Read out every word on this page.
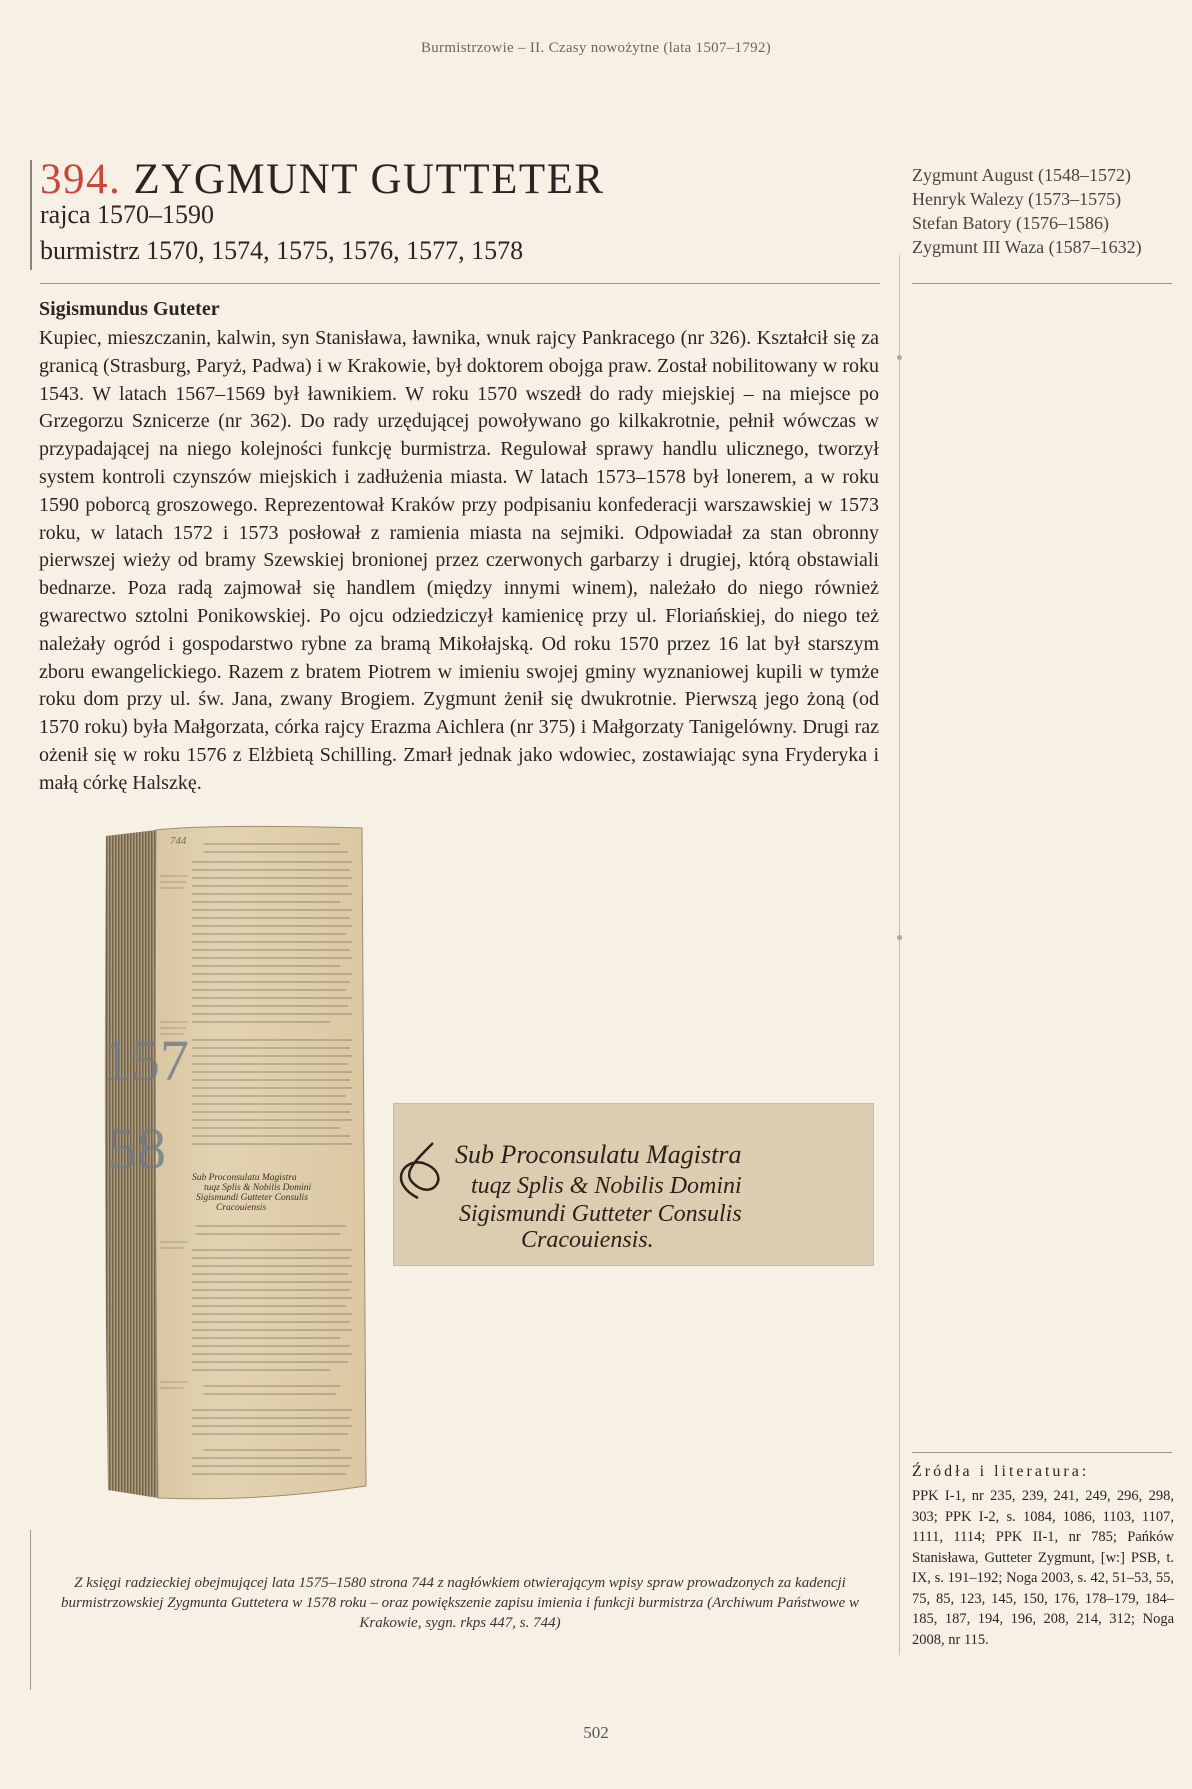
Burmistrzowie – II. Czasy nowożytne (lata 1507–1792)
394. ZYGMUNT GUTTETER
rajca 1570–1590
burmistrz 1570, 1574, 1575, 1576, 1577, 1578
Zygmunt August (1548–1572)
Henryk Walezy (1573–1575)
Stefan Batory (1576–1586)
Zygmunt III Waza (1587–1632)
Sigismundus Guteter

Kupiec, mieszczanin, kalwin, syn Stanisława, ławnika, wnuk rajcy Pankracego (nr 326). Kształcił się za granicą (Strasburg, Paryż, Padwa) i w Krakowie, był doktorem obojga praw. Został nobilitowany w roku 1543. W latach 1567–1569 był ławnikiem. W roku 1570 wszedł do rady miejskiej – na miejsce po Grzegorzu Sznicerze (nr 362). Do rady urzędującej powoływano go kilkakrotnie, pełnił wówczas w przypadającej na niego kolejności funkcję burmistrza. Regulował sprawy handlu ulicznego, tworzył system kontroli czynszów miejskich i zadłużenia miasta. W latach 1573–1578 był lonerem, a w roku 1590 poborcą groszowego. Reprezentował Kraków przy podpisaniu konfederacji warszawskiej w 1573 roku, w latach 1572 i 1573 posłował z ramienia miasta na sejmiki. Odpowiadał za stan obronny pierwszej wieży od bramy Szewskiej bronionej przez czerwonych garbarzy i drugiej, którą obstawiali bednarze. Poza radą zajmował się handlem (między innymi winem), należało do niego również gwarectwo sztolni Ponikowskiej. Po ojcu odziedziczył kamienicę przy ul. Floriańskiej, do niego też należały ogród i gospodarstwo rybne za bramą Mikołajską. Od roku 1570 przez 16 lat był starszym zboru ewangelickiego. Razem z bratem Piotrem w imieniu swojej gminy wyznaniowej kupili w tymże roku dom przy ul. św. Jana, zwany Brogiem. Zygmunt żenił się dwukrotnie. Pierwszą jego żoną (od 1570 roku) była Małgorzata, córka rajcy Erazma Aichlera (nr 375) i Małgorzaty Tanigelówny. Drugi raz ożenił się w roku 1576 z Elżbietą Schilling. Zmarł jednak jako wdowiec, zostawiając syna Fryderyka i małą córkę Halszkę.

157
58
744
Sub Proconsulatu Magistra
tuqz Splis & Nobilis Domini
Sigismundi Gutteter Consulis
Cracouiensis
Sub Proconsulatu Magistra
tuqz Splis & Nobilis Domini
Sigismundi Gutteter Consulis
Cracouiensis.
Z księgi radzieckiej obejmującej lata 1575–1580 strona 744 z nagłówkiem otwierającym wpisy spraw prowadzonych za kadencji burmistrzowskiej Zygmunta Guttetera w 1578 roku – oraz powiększenie zapisu imienia i funkcji burmistrza (Archiwum Państwowe w Krakowie, sygn. rkps 447, s. 744)
Źródła i literatura:
PPK I-1, nr 235, 239, 241, 249, 296, 298, 303; PPK I-2, s. 1084, 1086, 1103, 1107, 1111, 1114; PPK II-1, nr 785; Pańków Stanisława, Gutteter Zygmunt, [w:] PSB, t. IX, s. 191–192; Noga 2003, s. 42, 51–53, 55, 75, 85, 123, 145, 150, 176, 178–179, 184–185, 187, 194, 196, 208, 214, 312; Noga 2008, nr 115.
502
